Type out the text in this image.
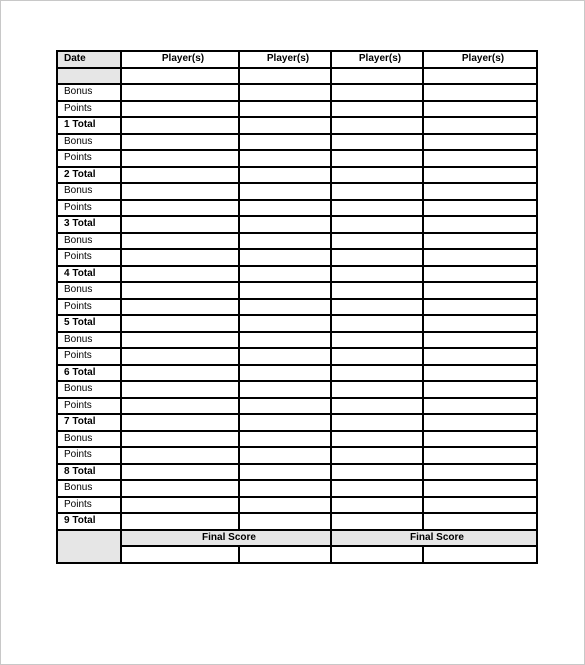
Date	Player(s)	Player(s)	Player(s)	Player(s)

Bonus				
Points				
1 Total				
Bonus				
Points				
2 Total				
Bonus				
Points				
3 Total				
Bonus				
Points				
4 Total				
Bonus				
Points				
5 Total				
Bonus				
Points				
6 Total				
Bonus				
Points				
7 Total				
Bonus				
Points				
8 Total				
Bonus				
Points				
9 Total				
	Final Score		Final Score	
